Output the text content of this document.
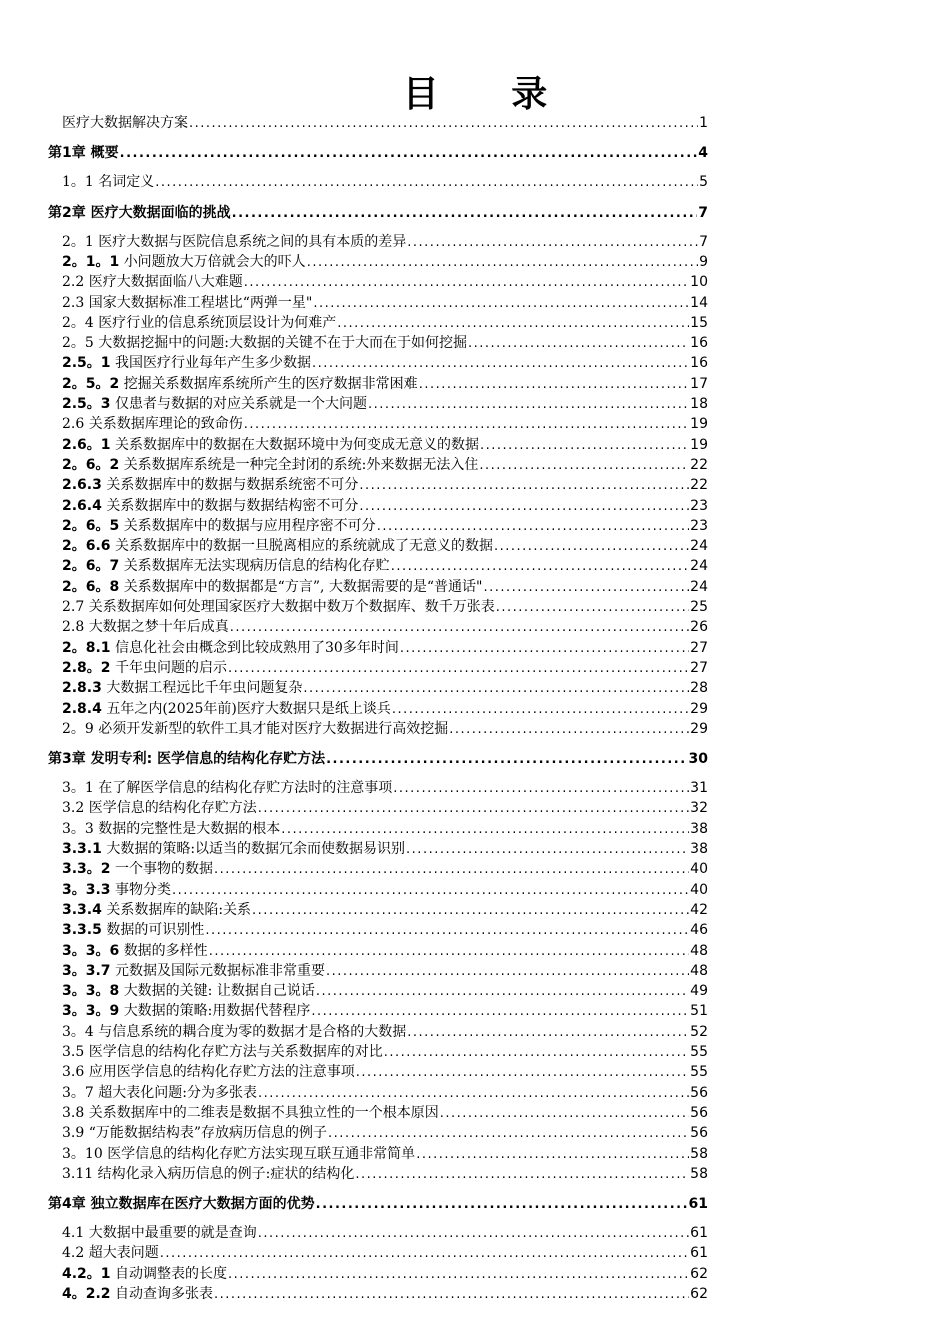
目 录
医疗大数据解决方案 .....	1
第1章 概要 .....	4
1。1 名词定义 .....	5
第2章 医疗大数据面临的挑战 .....	7
2。1 医疗大数据与医院信息系统之间的具有本质的差异 .....	7
2。1。1 小问题放大万倍就会大的吓人 .....	9
2.2 医疗大数据面临八大难题 .....	10
2.3 国家大数据标准工程堪比“两弹一星" .....	14
2。4 医疗行业的信息系统顶层设计为何难产 .....	15
2。5 大数据挖掘中的问题:大数据的关键不在于大而在于如何挖掘 .....	16
2.5。1 我国医疗行业每年产生多少数据 .....	16
2。5。2 挖掘关系数据库系统所产生的医疗数据非常困难 .....	17
2.5。3 仅患者与数据的对应关系就是一个大问题 .....	18
2.6 关系数据库理论的致命伤 .....	19
2.6。1 关系数据库中的数据在大数据环境中为何变成无意义的数据 .....	19
2。6。2 关系数据库系统是一种完全封闭的系统:外来数据无法入住 .....	22
2.6.3 关系数据库中的数据与数据系统密不可分 .....	22
2.6.4 关系数据库中的数据与数据结构密不可分 .....	23
2。6。5 关系数据库中的数据与应用程序密不可分 .....	23
2。6.6 关系数据库中的数据一旦脱离相应的系统就成了无意义的数据 .....	24
2。6。7 关系数据库无法实现病历信息的结构化存贮 .....	24
2。6。8 关系数据库中的数据都是“方言”, 大数据需要的是“普通话" .....	24
2.7 关系数据库如何处理国家医疗大数据中数万个数据库、数千万张表 .....	25
2.8 大数据之梦十年后成真 .....	26
2。8.1 信息化社会由概念到比较成熟用了30多年时间 .....	27
2.8。2 千年虫问题的启示 .....	27
2.8.3 大数据工程远比千年虫问题复杂 .....	28
2.8.4 五年之内(2025年前)医疗大数据只是纸上谈兵 .....	29
2。9 必须开发新型的软件工具才能对医疗大数据进行高效挖掘 .....	29
第3章 发明专利: 医学信息的结构化存贮方法 .....	30
3。1 在了解医学信息的结构化存贮方法时的注意事项 .....	31
3.2 医学信息的结构化存贮方法 .....	32
3。3 数据的完整性是大数据的根本 .....	38
3.3.1 大数据的策略:以适当的数据冗余而使数据易识别 .....	38
3.3。2 一个事物的数据 .....	40
3。3.3 事物分类 .....	40
3.3.4 关系数据库的缺陷:关系 .....	42
3.3.5 数据的可识别性 .....	46
3。3。6 数据的多样性 .....	48
3。3.7 元数据及国际元数据标准非常重要 .....	48
3。3。8 大数据的关键: 让数据自己说话 .....	49
3。3。9 大数据的策略:用数据代替程序 .....	51
3。4 与信息系统的耦合度为零的数据才是合格的大数据 .....	52
3.5 医学信息的结构化存贮方法与关系数据库的对比 .....	55
3.6 应用医学信息的结构化存贮方法的注意事项 .....	55
3。7 超大表化问题:分为多张表 .....	56
3.8 关系数据库中的二维表是数据不具独立性的一个根本原因 .....	56
3.9 “万能数据结构表”存放病历信息的例子 .....	56
3。10 医学信息的结构化存贮方法实现互联互通非常简单 .....	58
3.11 结构化录入病历信息的例子:症状的结构化 .....	58
第4章 独立数据库在医疗大数据方面的优势 .....	61
4.1 大数据中最重要的就是查询 .....	61
4.2 超大表问题 .....	61
4.2。1 自动调整表的长度 .....	62
4。2.2 自动查询多张表 .....	62
